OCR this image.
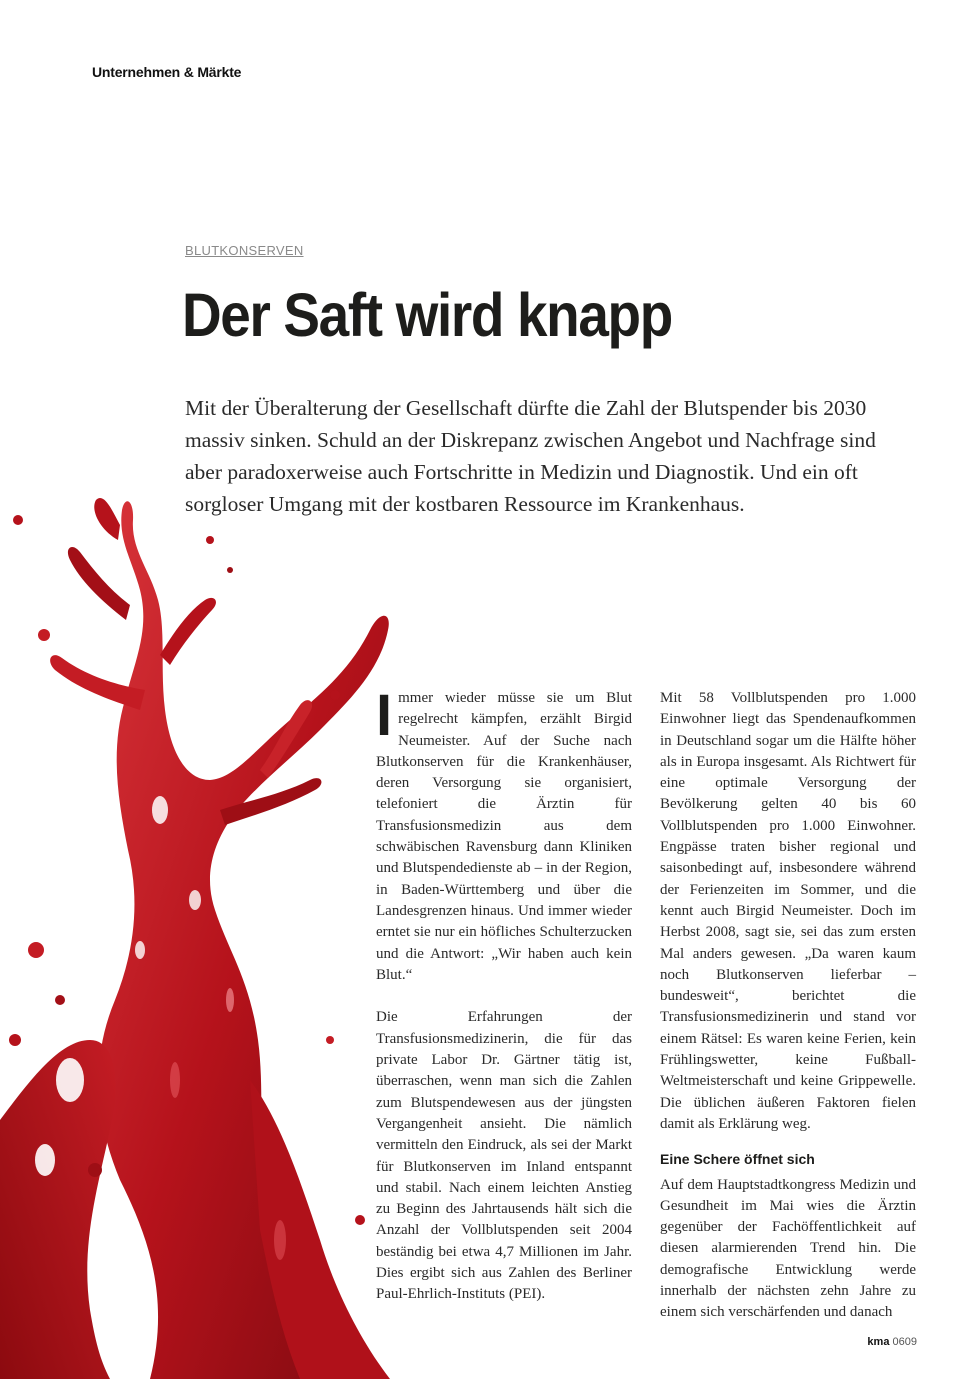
Unternehmen & Märkte
BLUTKONSERVEN
Der Saft wird knapp

Mit der Überalterung der Gesellschaft dürfte die Zahl der Blutspender bis 2030 massiv sinken. Schuld an der Diskrepanz zwischen Angebot und Nachfrage sind aber paradoxerweise auch Fortschritte in Medizin und Diagnostik. Und ein oft sorgloser Umgang mit der kostbaren Ressource im Krankenhaus.

Immer wieder müsse sie um Blut regelrecht kämpfen, erzählt Birgid Neumeister. Auf der Suche nach Blutkonserven für die Krankenhäuser, deren Versorgung sie organisiert, telefoniert die Ärztin für Transfusionsmedizin aus dem schwäbischen Ravensburg dann Kliniken und Blutspendedienste ab – in der Region, in Baden-Württemberg und über die Landesgrenzen hinaus. Und immer wieder erntet sie nur ein höfliches Schulterzucken und die Antwort: „Wir haben auch kein Blut.“

Die Erfahrungen der Transfusionsmedizinerin, die für das private Labor Dr. Gärtner tätig ist, überraschen, wenn man sich die Zahlen zum Blutspendewesen aus der jüngsten Vergangenheit ansieht. Die nämlich vermitteln den Eindruck, als sei der Markt für Blutkonserven im Inland entspannt und stabil. Nach einem leichten Anstieg zu Beginn des Jahrtausends hält sich die Anzahl der Vollblutspenden seit 2004 beständig bei etwa 4,7 Millionen im Jahr. Dies ergibt sich aus Zahlen des Berliner Paul-Ehrlich-Instituts (PEI).

Mit 58 Vollblutspenden pro 1.000 Einwohner liegt das Spendenaufkommen in Deutschland sogar um die Hälfte höher als in Europa insgesamt. Als Richtwert für eine optimale Versorgung der Bevölkerung gelten 40 bis 60 Vollblutspenden pro 1.000 Einwohner. Engpässe traten bisher regional und saisonbedingt auf, insbesondere während der Ferienzeiten im Sommer, und die kennt auch Birgid Neumeister. Doch im Herbst 2008, sagt sie, sei das zum ersten Mal anders gewesen. „Da waren kaum noch Blutkonserven lieferbar – bundesweit“, berichtet die Transfusionsmedizinerin und stand vor einem Rätsel: Es waren keine Ferien, kein Frühlingswetter, keine Fußball-Weltmeisterschaft und keine Grippewelle. Die üblichen äußeren Faktoren fielen damit als Erklärung weg.

Eine Schere öffnet sich

Auf dem Hauptstadtkongress Medizin und Gesundheit im Mai wies die Ärztin gegenüber der Fachöffentlichkeit auf diesen alarmierenden Trend hin. Die demografische Entwicklung werde innerhalb der nächsten zehn Jahre zu einem sich verschärfenden und danach

kma 0609
